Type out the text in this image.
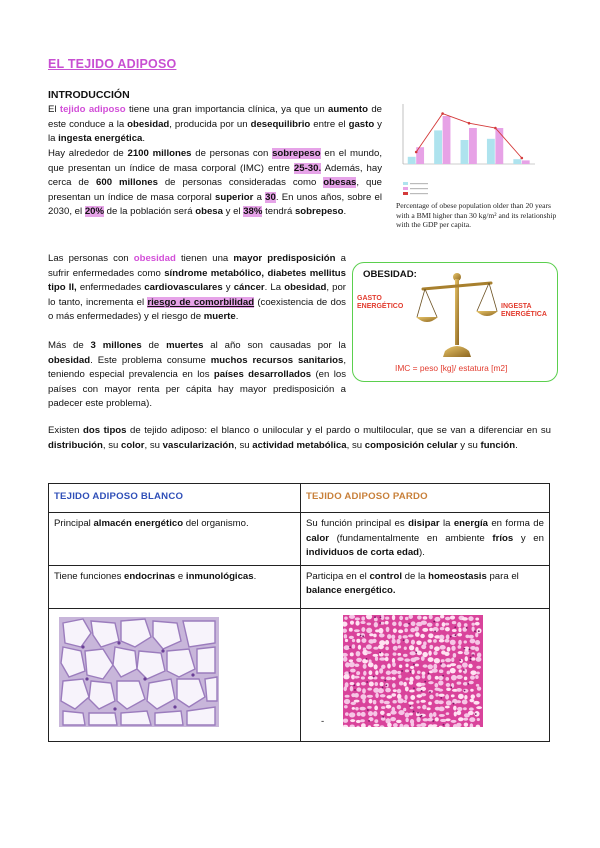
EL TEJIDO ADIPOSO
INTRODUCCIÓN
El tejido adiposo tiene una gran importancia clínica, ya que un aumento de este conduce a la obesidad, producida por un desequilibrio entre el gasto y la ingesta energética.
Hay alrededor de 2100 millones de personas con sobrepeso en el mundo, que presentan un índice de masa corporal (IMC) entre 25-30. Además, hay cerca de 600 millones de personas consideradas como obesas, que presentan un índice de masa corporal superior a 30. En unos años, sobre el 2030, el 20% de la población será obesa y el 38% tendrá sobrepeso.
Percentage of obese population older than 20 years with a BMI higher than 30 kg/m² and its relationship with the GDP per capita.
Las personas con obesidad tienen una mayor predisposición a sufrir enfermedades como síndrome metabólico, diabetes mellitus tipo II, enfermedades cardiovasculares y cáncer. La obesidad, por lo tanto, incrementa el riesgo de comorbilidad (coexistencia de dos o más enfermedades) y el riesgo de muerte.
Más de 3 millones de muertes al año son causadas por la obesidad. Este problema consume muchos recursos sanitarios, teniendo especial prevalencia en los países desarrollados (en los países con mayor renta per cápita hay mayor predisposición a padecer este problema).
OBESIDAD:
GASTO
ENERGÉTICO	INGESTA
ENERGÉTICA
IMC = peso [kg]/ estatura [m2]
Existen dos tipos de tejido adiposo: el blanco o unilocular y el pardo o multilocular, que se van a diferenciar en su distribución, su color, su vascularización, su actividad metabólica, su composición celular y su función.
TEJIDO ADIPOSO BLANCO	TEJIDO ADIPOSO PARDO
Principal almacén energético del organismo.	Su función principal es disipar la energía en forma de calor (fundamentalmente en ambiente fríos y en individuos de corta edad).
Tiene funciones endocrinas e inmunológicas.	Participa en el control de la homeostasis para el balance energético.

-
